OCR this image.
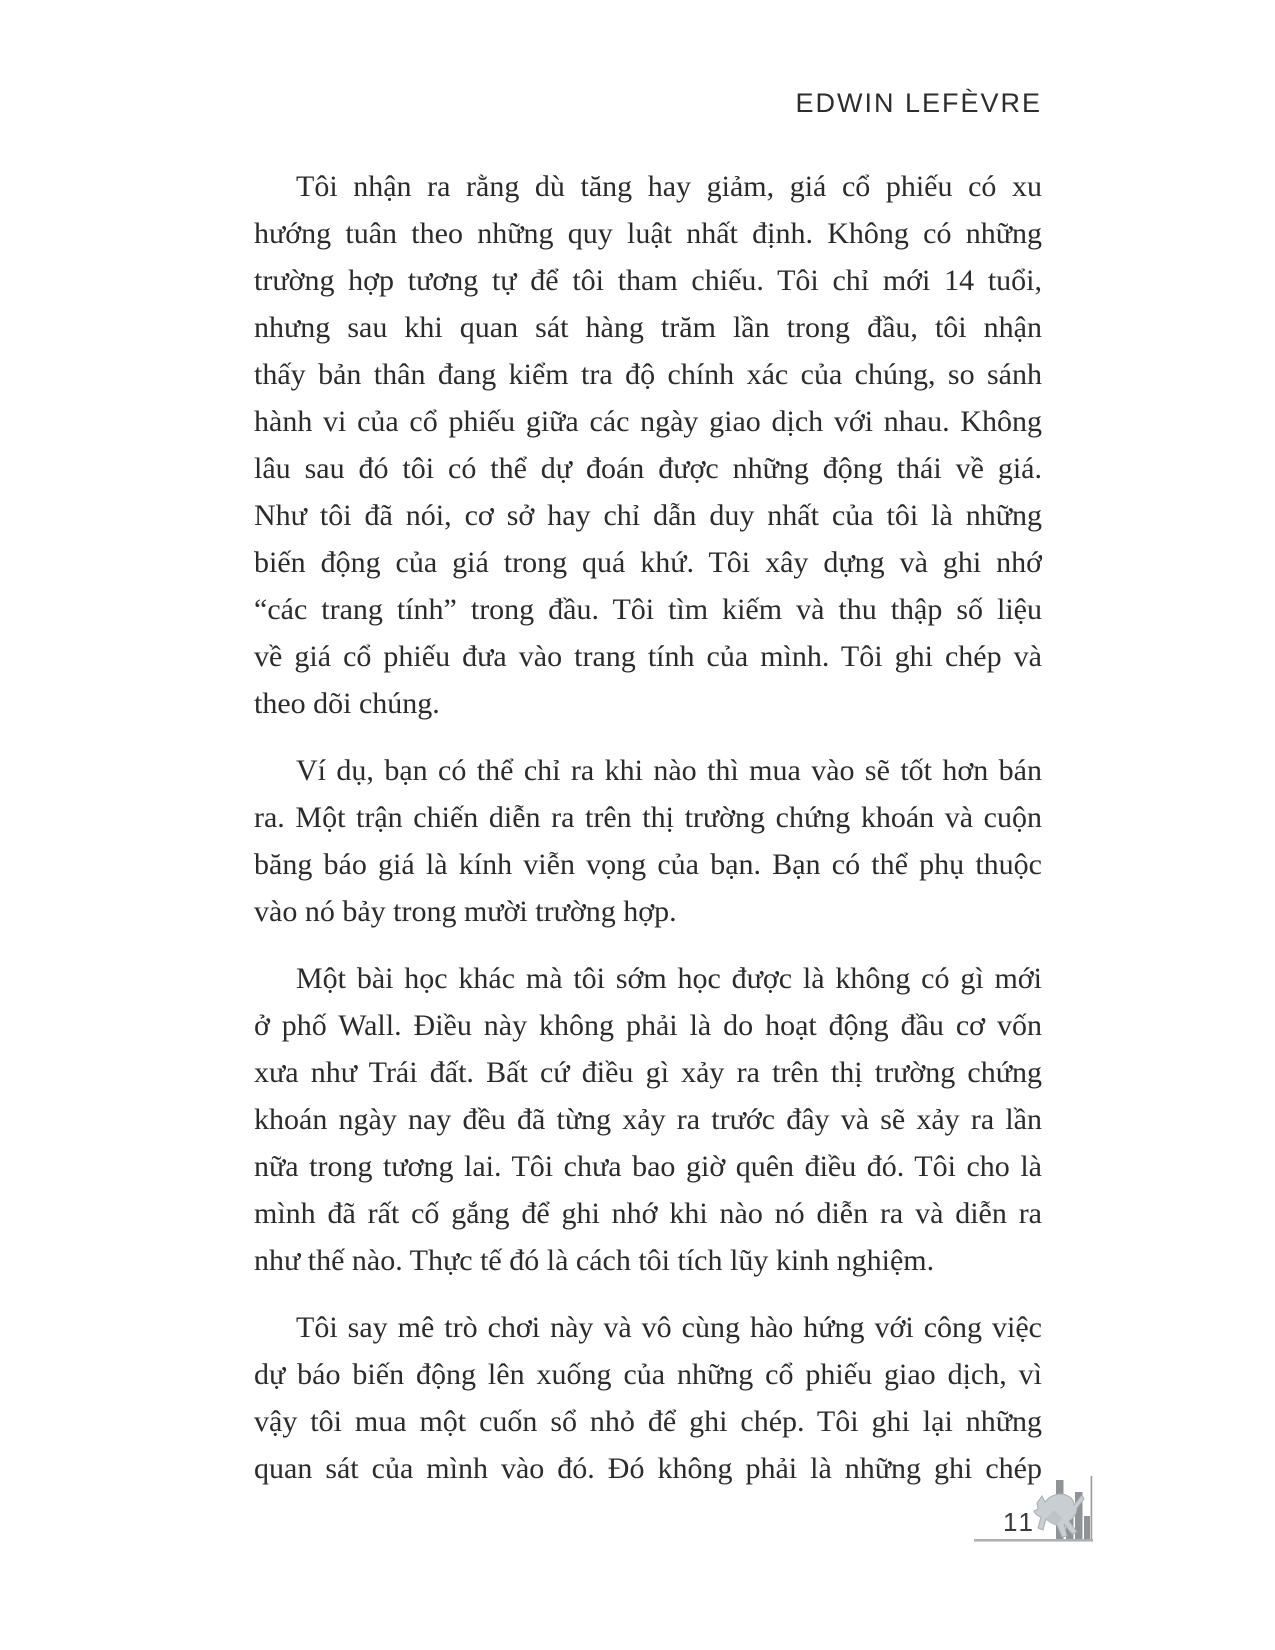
EDWIN LEFÈVRE
Tôi nhận ra rằng dù tăng hay giảm, giá cổ phiếu có xu
hướng tuân theo những quy luật nhất định. Không có những
trường hợp tương tự để tôi tham chiếu. Tôi chỉ mới 14 tuổi,
nhưng sau khi quan sát hàng trăm lần trong đầu, tôi nhận
thấy bản thân đang kiểm tra độ chính xác của chúng, so sánh
hành vi của cổ phiếu giữa các ngày giao dịch với nhau. Không
lâu sau đó tôi có thể dự đoán được những động thái về giá.
Như tôi đã nói, cơ sở hay chỉ dẫn duy nhất của tôi là những
biến động của giá trong quá khứ. Tôi xây dựng và ghi nhớ
“các trang tính” trong đầu. Tôi tìm kiếm và thu thập số liệu
về giá cổ phiếu đưa vào trang tính của mình. Tôi ghi chép và
theo dõi chúng.
Ví dụ, bạn có thể chỉ ra khi nào thì mua vào sẽ tốt hơn bán
ra. Một trận chiến diễn ra trên thị trường chứng khoán và cuộn
băng báo giá là kính viễn vọng của bạn. Bạn có thể phụ thuộc
vào nó bảy trong mười trường hợp.
Một bài học khác mà tôi sớm học được là không có gì mới
ở phố Wall. Điều này không phải là do hoạt động đầu cơ vốn
xưa như Trái đất. Bất cứ điều gì xảy ra trên thị trường chứng
khoán ngày nay đều đã từng xảy ra trước đây và sẽ xảy ra lần
nữa trong tương lai. Tôi chưa bao giờ quên điều đó. Tôi cho là
mình đã rất cố gắng để ghi nhớ khi nào nó diễn ra và diễn ra
như thế nào. Thực tế đó là cách tôi tích lũy kinh nghiệm.
Tôi say mê trò chơi này và vô cùng hào hứng với công việc
dự báo biến động lên xuống của những cổ phiếu giao dịch, vì
vậy tôi mua một cuốn sổ nhỏ để ghi chép. Tôi ghi lại những
quan sát của mình vào đó. Đó không phải là những ghi chép
11
